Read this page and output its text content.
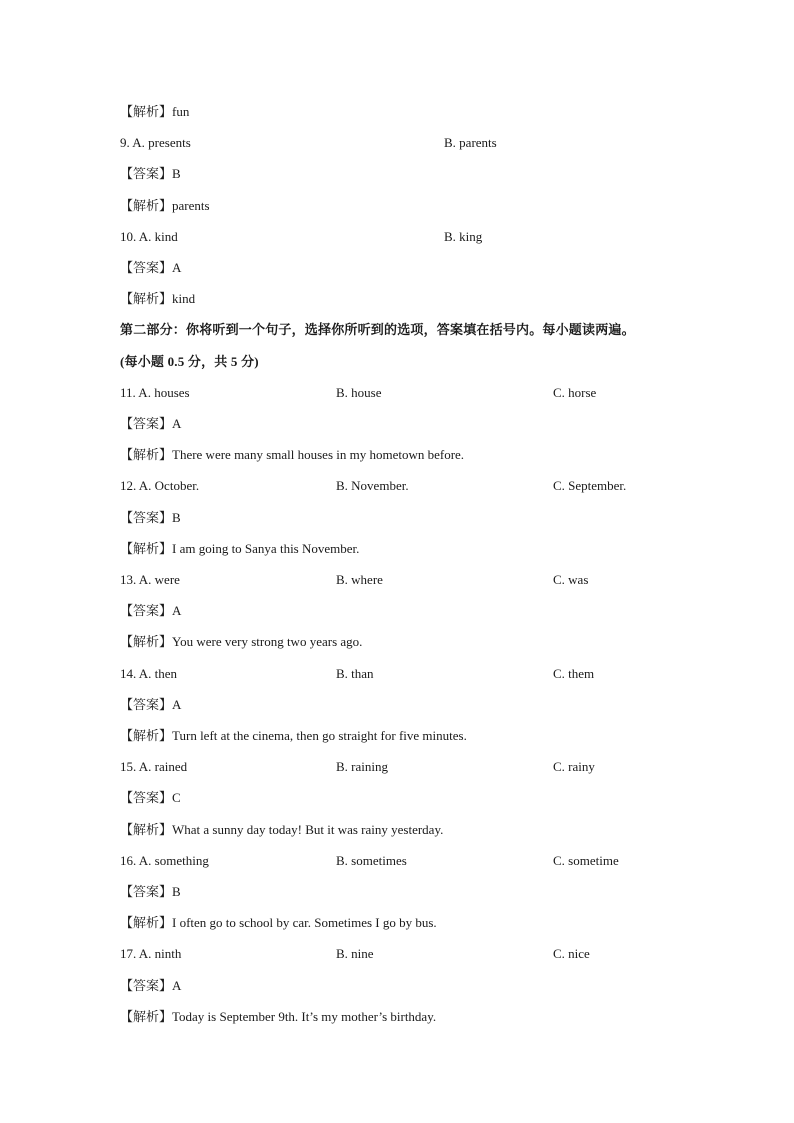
【解析】fun
9. A. presents	B. parents
【答案】B
【解析】parents
10. A. kind	B. king
【答案】A
【解析】kind
第二部分：你将听到一个句子，选择你所听到的选项，答案填在括号内。每小题读两遍。
(每小题 0.5 分，共 5 分)
11. A. houses	B. house	C. horse
【答案】A
【解析】There were many small houses in my hometown before.
12. A. October.	B. November.	C. September.
【答案】B
【解析】I am going to Sanya this November.
13. A. were	B. where	C. was
【答案】A
【解析】You were very strong two years ago.
14. A. then	B. than	C. them
【答案】A
【解析】Turn left at the cinema, then go straight for five minutes.
15. A. rained	B. raining	C. rainy
【答案】C
【解析】What a sunny day today! But it was rainy yesterday.
16. A. something	B. sometimes	C. sometime
【答案】B
【解析】I often go to school by car. Sometimes I go by bus.
17. A. ninth	B. nine	C. nice
【答案】A
【解析】Today is September 9th. It’s my mother’s birthday.
